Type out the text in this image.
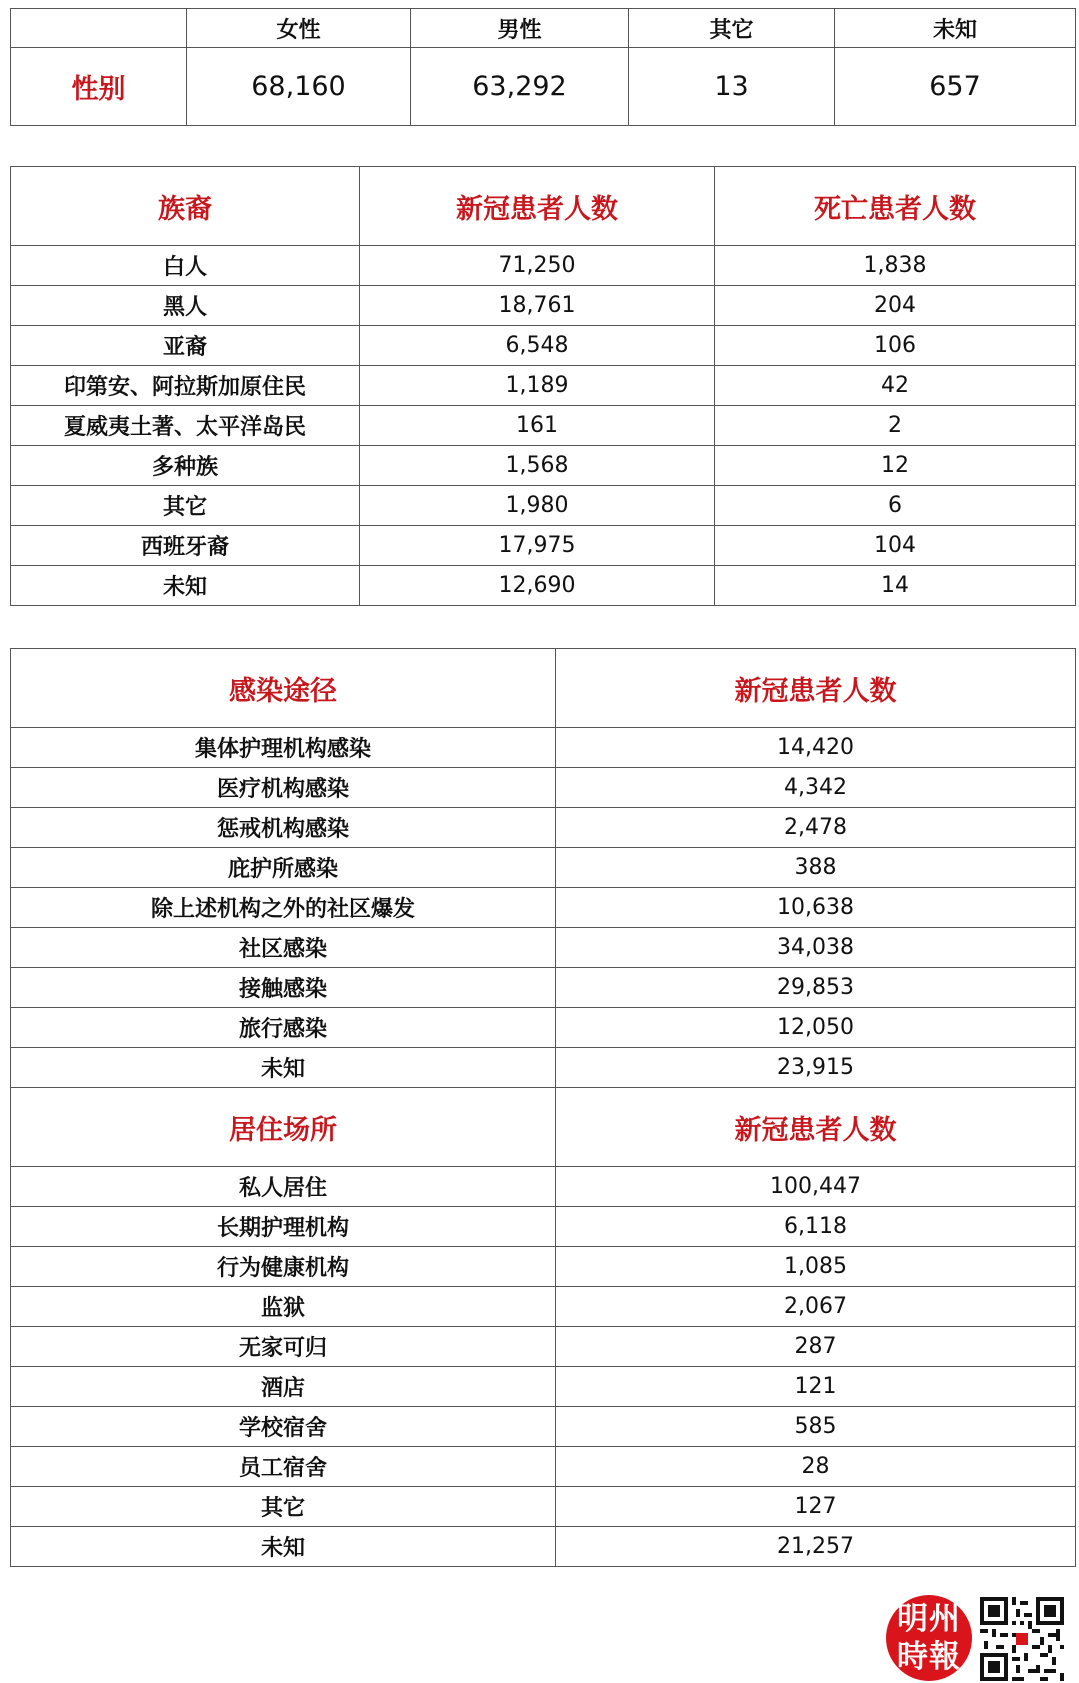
	女性	男性	其它	未知
性别	68,160	63,292	13	657
族裔	新冠患者人数	死亡患者人数
白人	71,250	1,838
黑人	18,761	204
亚裔	6,548	106
印第安、阿拉斯加原住民	1,189	42
夏威夷土著、太平洋岛民	161	2
多种族	1,568	12
其它	1,980	6
西班牙裔	17,975	104
未知	12,690	14
感染途径	新冠患者人数
集体护理机构感染	14,420
医疗机构感染	4,342
惩戒机构感染	2,478
庇护所感染	388
除上述机构之外的社区爆发	10,638
社区感染	34,038
接触感染	29,853
旅行感染	12,050
未知	23,915
居住场所	新冠患者人数
私人居住	100,447
长期护理机构	6,118
行为健康机构	1,085
监狱	2,067
无家可归	287
酒店	121
学校宿舍	585
员工宿舍	28
其它	127
未知	21,257
明州
時報
